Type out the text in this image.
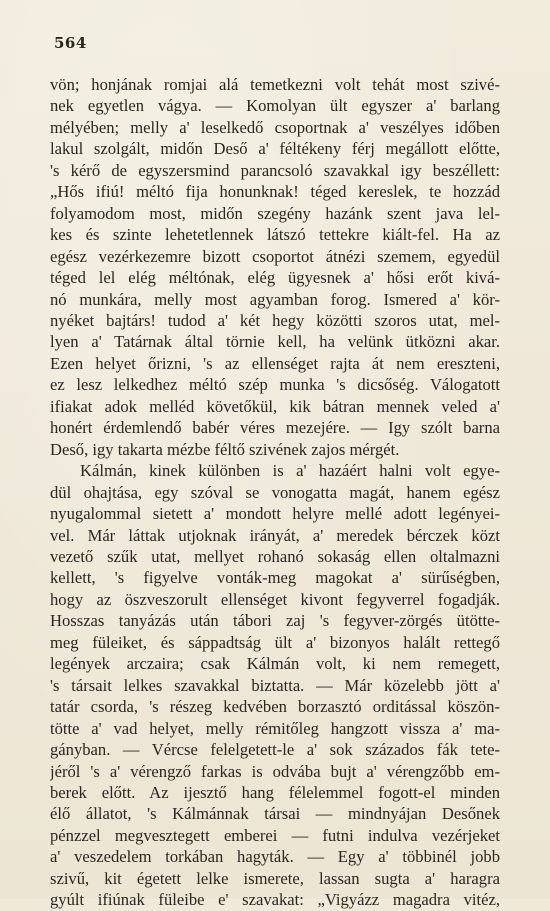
564
vön; honjának romjai alá temetkezni volt tehát most szivé-
nek egyetlen vágya. — Komolyan ült egyszer a' barlang
mélyében; melly a' leselkedő csoportnak a' veszélyes időben
lakul szolgált, midőn Deső a' féltékeny férj megállott előtte,
's kérő de egyszersmind parancsoló szavakkal igy beszéllett:
„Hős ifiú! méltó fija honunknak! téged kereslek, te hozzád
folyamodom most, midőn szegény hazánk szent java lel-
kes és szinte lehetetlennek látszó tettekre kiált-fel. Ha az
egész vezérkezemre bizott csoportot átnézi szemem, egyedül
téged lel elég méltónak, elég ügyesnek a' hősi erőt kivá-
nó munkára, melly most agyamban forog. Ismered a' kör-
nyéket bajtárs! tudod a' két hegy közötti szoros utat, mel-
lyen a' Tatárnak által törnie kell, ha velünk ütközni akar.
Ezen helyet őrizni, 's az ellenséget rajta át nem ereszteni,
ez lesz lelkedhez méltó szép munka 's dicsőség. Válogatott
ifiakat adok melléd követőkül, kik bátran mennek veled a'
honért érdemlendő babér véres mezejére. — Igy szólt barna
Deső, igy takarta mézbe féltő szivének zajos mérgét.
Kálmán, kinek különben is a' hazáért halni volt egye-
dül ohajtása, egy szóval se vonogatta magát, hanem egész
nyugalommal sietett a' mondott helyre mellé adott legényei-
vel. Már láttak utjoknak irányát, a' meredek bérczek közt
vezető szűk utat, mellyet rohanó sokaság ellen oltalmazni
kellett, 's figyelve vonták-meg magokat a' sürűségben,
hogy az öszveszorult ellenséget kivont fegyverrel fogadják.
Hosszas tanyázás után tábori zaj 's fegyver-zörgés ütötte-
meg füleiket, és sáppadtság ült a' bizonyos halált rettegő
legények arczaira; csak Kálmán volt, ki nem remegett,
's társait lelkes szavakkal biztatta. — Már közelebb jött a'
tatár csorda, 's részeg kedvében borzasztó orditással köszön-
tötte a' vad helyet, melly rémitőleg hangzott vissza a' ma-
gányban. — Vércse felelgetett-le a' sok százados fák tete-
jéről 's a' vérengző farkas is odvába bujt a' vérengzőbb em-
berek előtt. Az ijesztő hang félelemmel fogott-el minden
élő állatot, 's Kálmánnak társai — mindnyájan Desőnek
pénzzel megvesztegett emberei — futni indulva vezérjeket
a' veszedelem torkában hagyták. — Egy a' többinél jobb
szivű, kit égetett lelke ismerete, lassan sugta a' haragra
gyúlt ifiúnak füleibe e' szavakat: „Vigyázz magadra vitéz,
